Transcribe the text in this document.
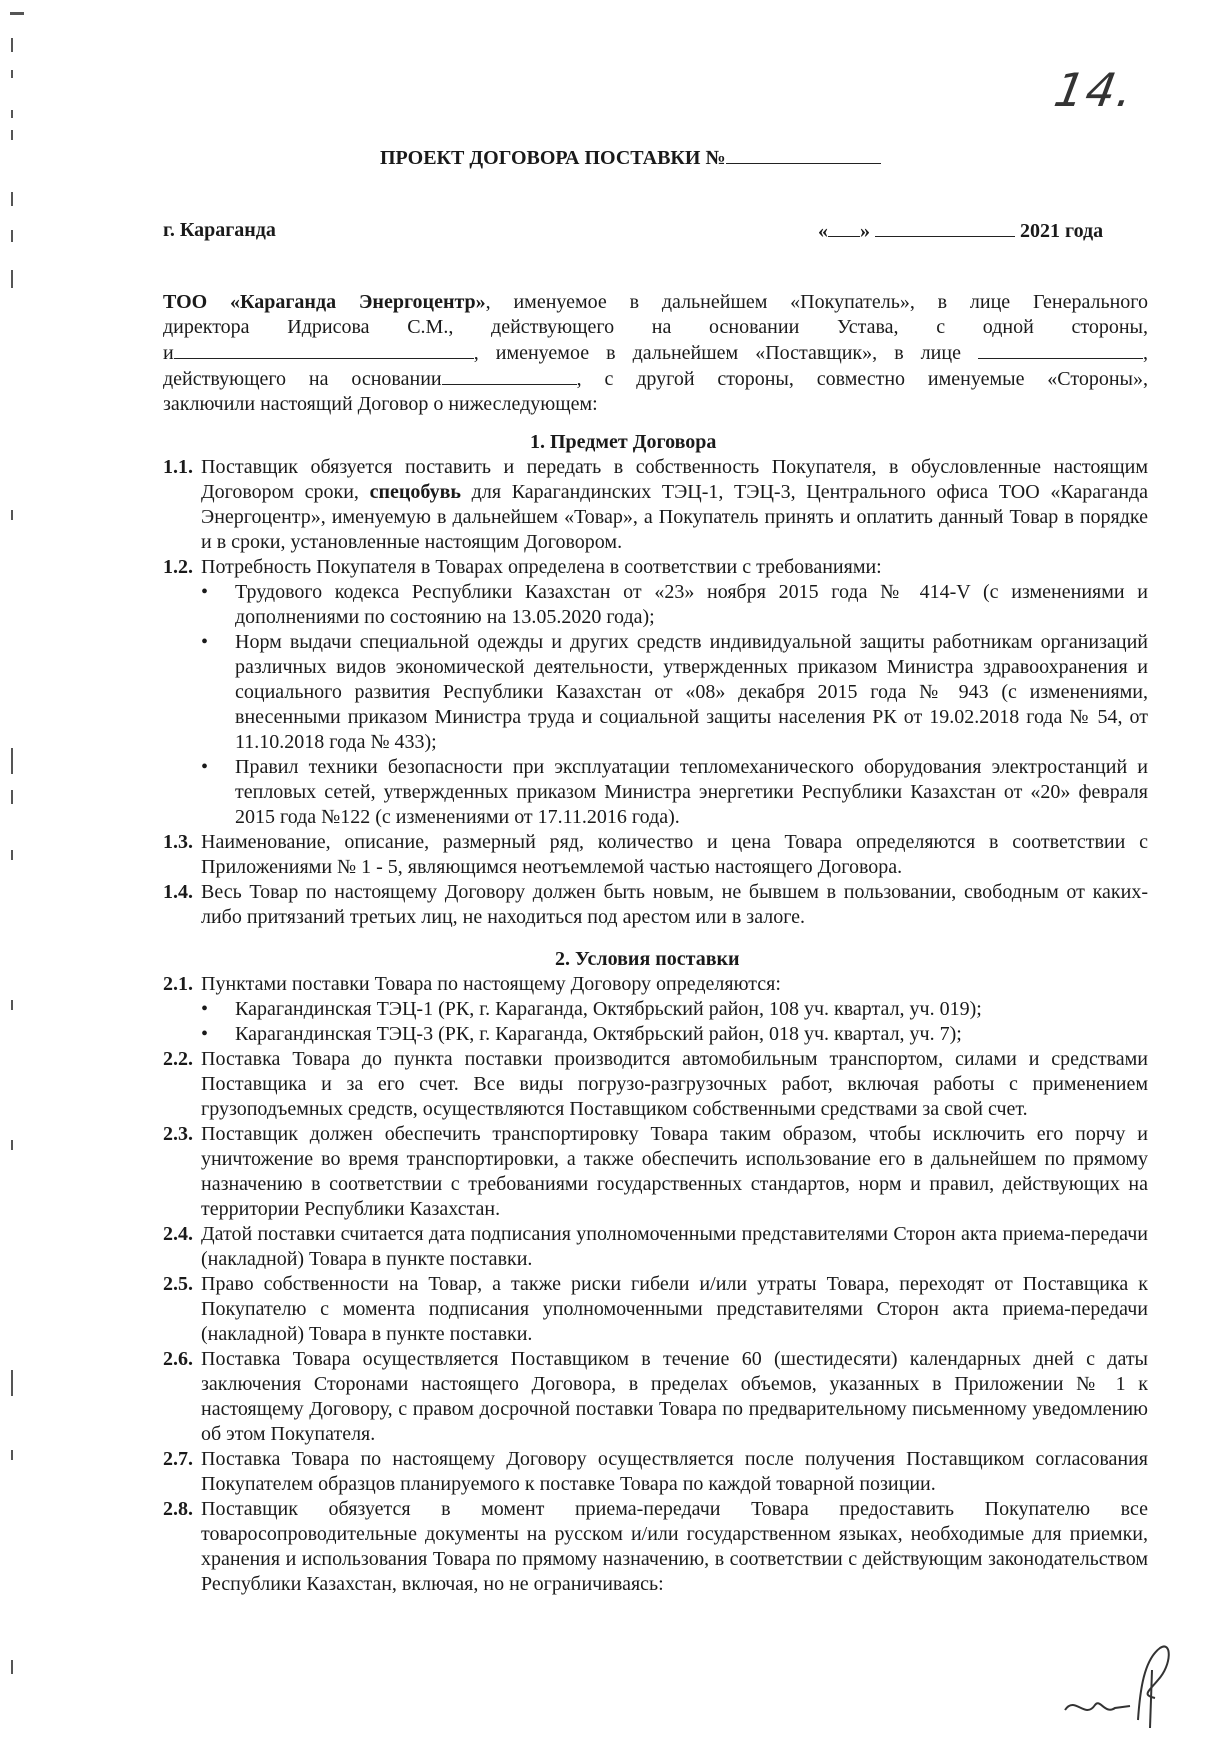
14.
ПРОЕКТ ДОГОВОРА ПОСТАВКИ №
г. Караганда	« »	2021 года
ТОО «Караганда Энергоцентр», именуемое в дальнейшем «Покупатель», в лице Генерального
директора Идрисова С.М., действующего на основании Устава, с одной стороны,
и	, именуемое в дальнейшем «Поставщик», в лице	,
действующего на основании	, с другой стороны, совместно именуемые «Стороны»,
заключили настоящий Договор о нижеследующем:
1. Предмет Договора
1.1. Поставщик обязуется поставить и передать в собственность Покупателя, в обусловленные настоящим Договором сроки, спецобувь для Карагандинских ТЭЦ-1, ТЭЦ-3, Центрального офиса ТОО «Караганда Энергоцентр», именуемую в дальнейшем «Товар», а Покупатель принять и оплатить данный Товар в порядке и в сроки, установленные настоящим Договором.
1.2. Потребность Покупателя в Товарах определена в соответствии с требованиями:
• Трудового кодекса Республики Казахстан от «23» ноября 2015 года № 414-V (с изменениями и дополнениями по состоянию на 13.05.2020 года);
• Норм выдачи специальной одежды и других средств индивидуальной защиты работникам организаций различных видов экономической деятельности, утвержденных приказом Министра здравоохранения и социального развития Республики Казахстан от «08» декабря 2015 года № 943 (с изменениями, внесенными приказом Министра труда и социальной защиты населения РК от 19.02.2018 года № 54, от 11.10.2018 года № 433);
• Правил техники безопасности при эксплуатации тепломеханического оборудования электростанций и тепловых сетей, утвержденных приказом Министра энергетики Республики Казахстан от «20» февраля 2015 года №122 (с изменениями от 17.11.2016 года).
1.3. Наименование, описание, размерный ряд, количество и цена Товара определяются в соответствии с Приложениями № 1 - 5, являющимся неотъемлемой частью настоящего Договора.
1.4. Весь Товар по настоящему Договору должен быть новым, не бывшем в пользовании, свободным от каких-либо притязаний третьих лиц, не находиться под арестом или в залоге.
2. Условия поставки
2.1. Пунктами поставки Товара по настоящему Договору определяются:
• Карагандинская ТЭЦ-1 (РК, г. Караганда, Октябрьский район, 108 уч. квартал, уч. 019);
• Карагандинская ТЭЦ-3 (РК, г. Караганда, Октябрьский район, 018 уч. квартал, уч. 7);
2.2. Поставка Товара до пункта поставки производится автомобильным транспортом, силами и средствами Поставщика и за его счет. Все виды погрузо-разгрузочных работ, включая работы с применением грузоподъемных средств, осуществляются Поставщиком собственными средствами за свой счет.
2.3. Поставщик должен обеспечить транспортировку Товара таким образом, чтобы исключить его порчу и уничтожение во время транспортировки, а также обеспечить использование его в дальнейшем по прямому назначению в соответствии с требованиями государственных стандартов, норм и правил, действующих на территории Республики Казахстан.
2.4. Датой поставки считается дата подписания уполномоченными представителями Сторон акта приема-передачи (накладной) Товара в пункте поставки.
2.5. Право собственности на Товар, а также риски гибели и/или утраты Товара, переходят от Поставщика к Покупателю с момента подписания уполномоченными представителями Сторон акта приема-передачи (накладной) Товара в пункте поставки.
2.6. Поставка Товара осуществляется Поставщиком в течение 60 (шестидесяти) календарных дней с даты заключения Сторонами настоящего Договора, в пределах объемов, указанных в Приложении № 1 к настоящему Договору, с правом досрочной поставки Товара по предварительному письменному уведомлению об этом Покупателя.
2.7. Поставка Товара по настоящему Договору осуществляется после получения Поставщиком согласования Покупателем образцов планируемого к поставке Товара по каждой товарной позиции.
2.8. Поставщик обязуется в момент приема-передачи Товара предоставить Покупателю все товаросопроводительные документы на русском и/или государственном языках, необходимые для приемки, хранения и использования Товара по прямому назначению, в соответствии с действующим законодательством Республики Казахстан, включая, но не ограничиваясь:
